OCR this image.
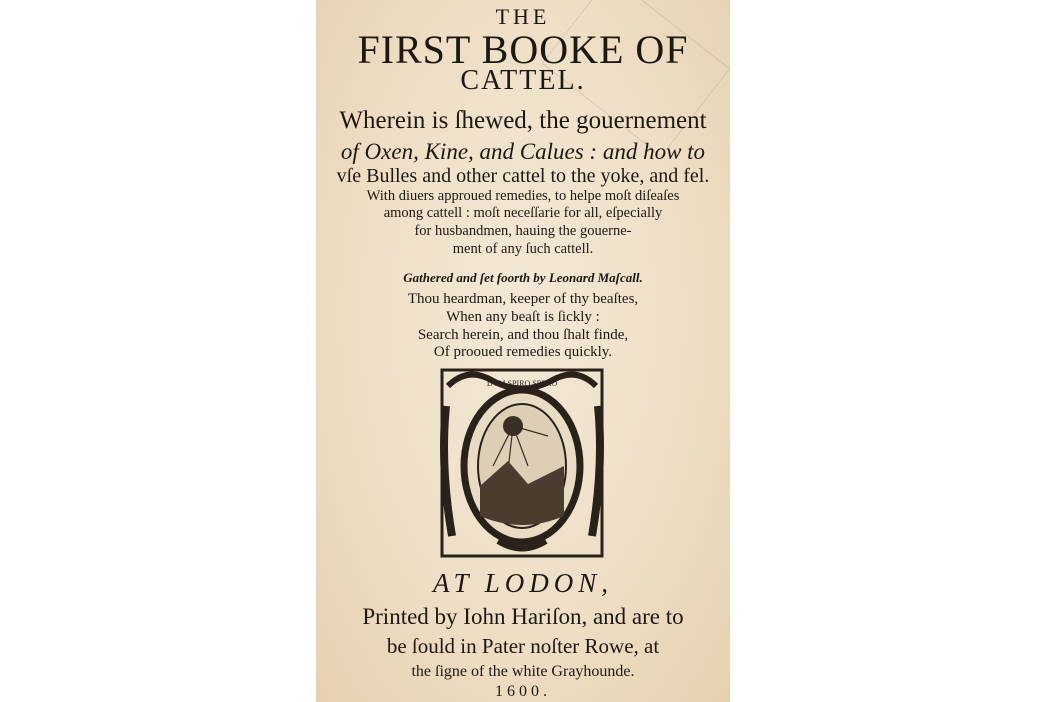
THE
FIRST BOOKE OF
CATTEL.
Wherein is ſhewed, the gouernement
of Oxen, Kine, and Calues : and how to
vſe Bulles and other cattel to the yoke, and fel.
With diuers approued remedies, to helpe moſt diſeaſes
among cattell : moſt neceſſarie for all, eſpecially
for husbandmen, hauing the gouerne-
ment of any ſuch cattell.
Gathered and ſet foorth by Leonard Maſcall.
Thou heardman, keeper of thy beaſtes,
When any beaſt is ſickly :
Search herein, and thou ſhalt finde,
Of prooued remedies quickly.
DVM SPIRO SPERO
AT LODON,
Printed by Iohn Hariſon, and are to
be ſould in Pater noſter Rowe, at
the ſigne of the white Grayhounde.
1600.
